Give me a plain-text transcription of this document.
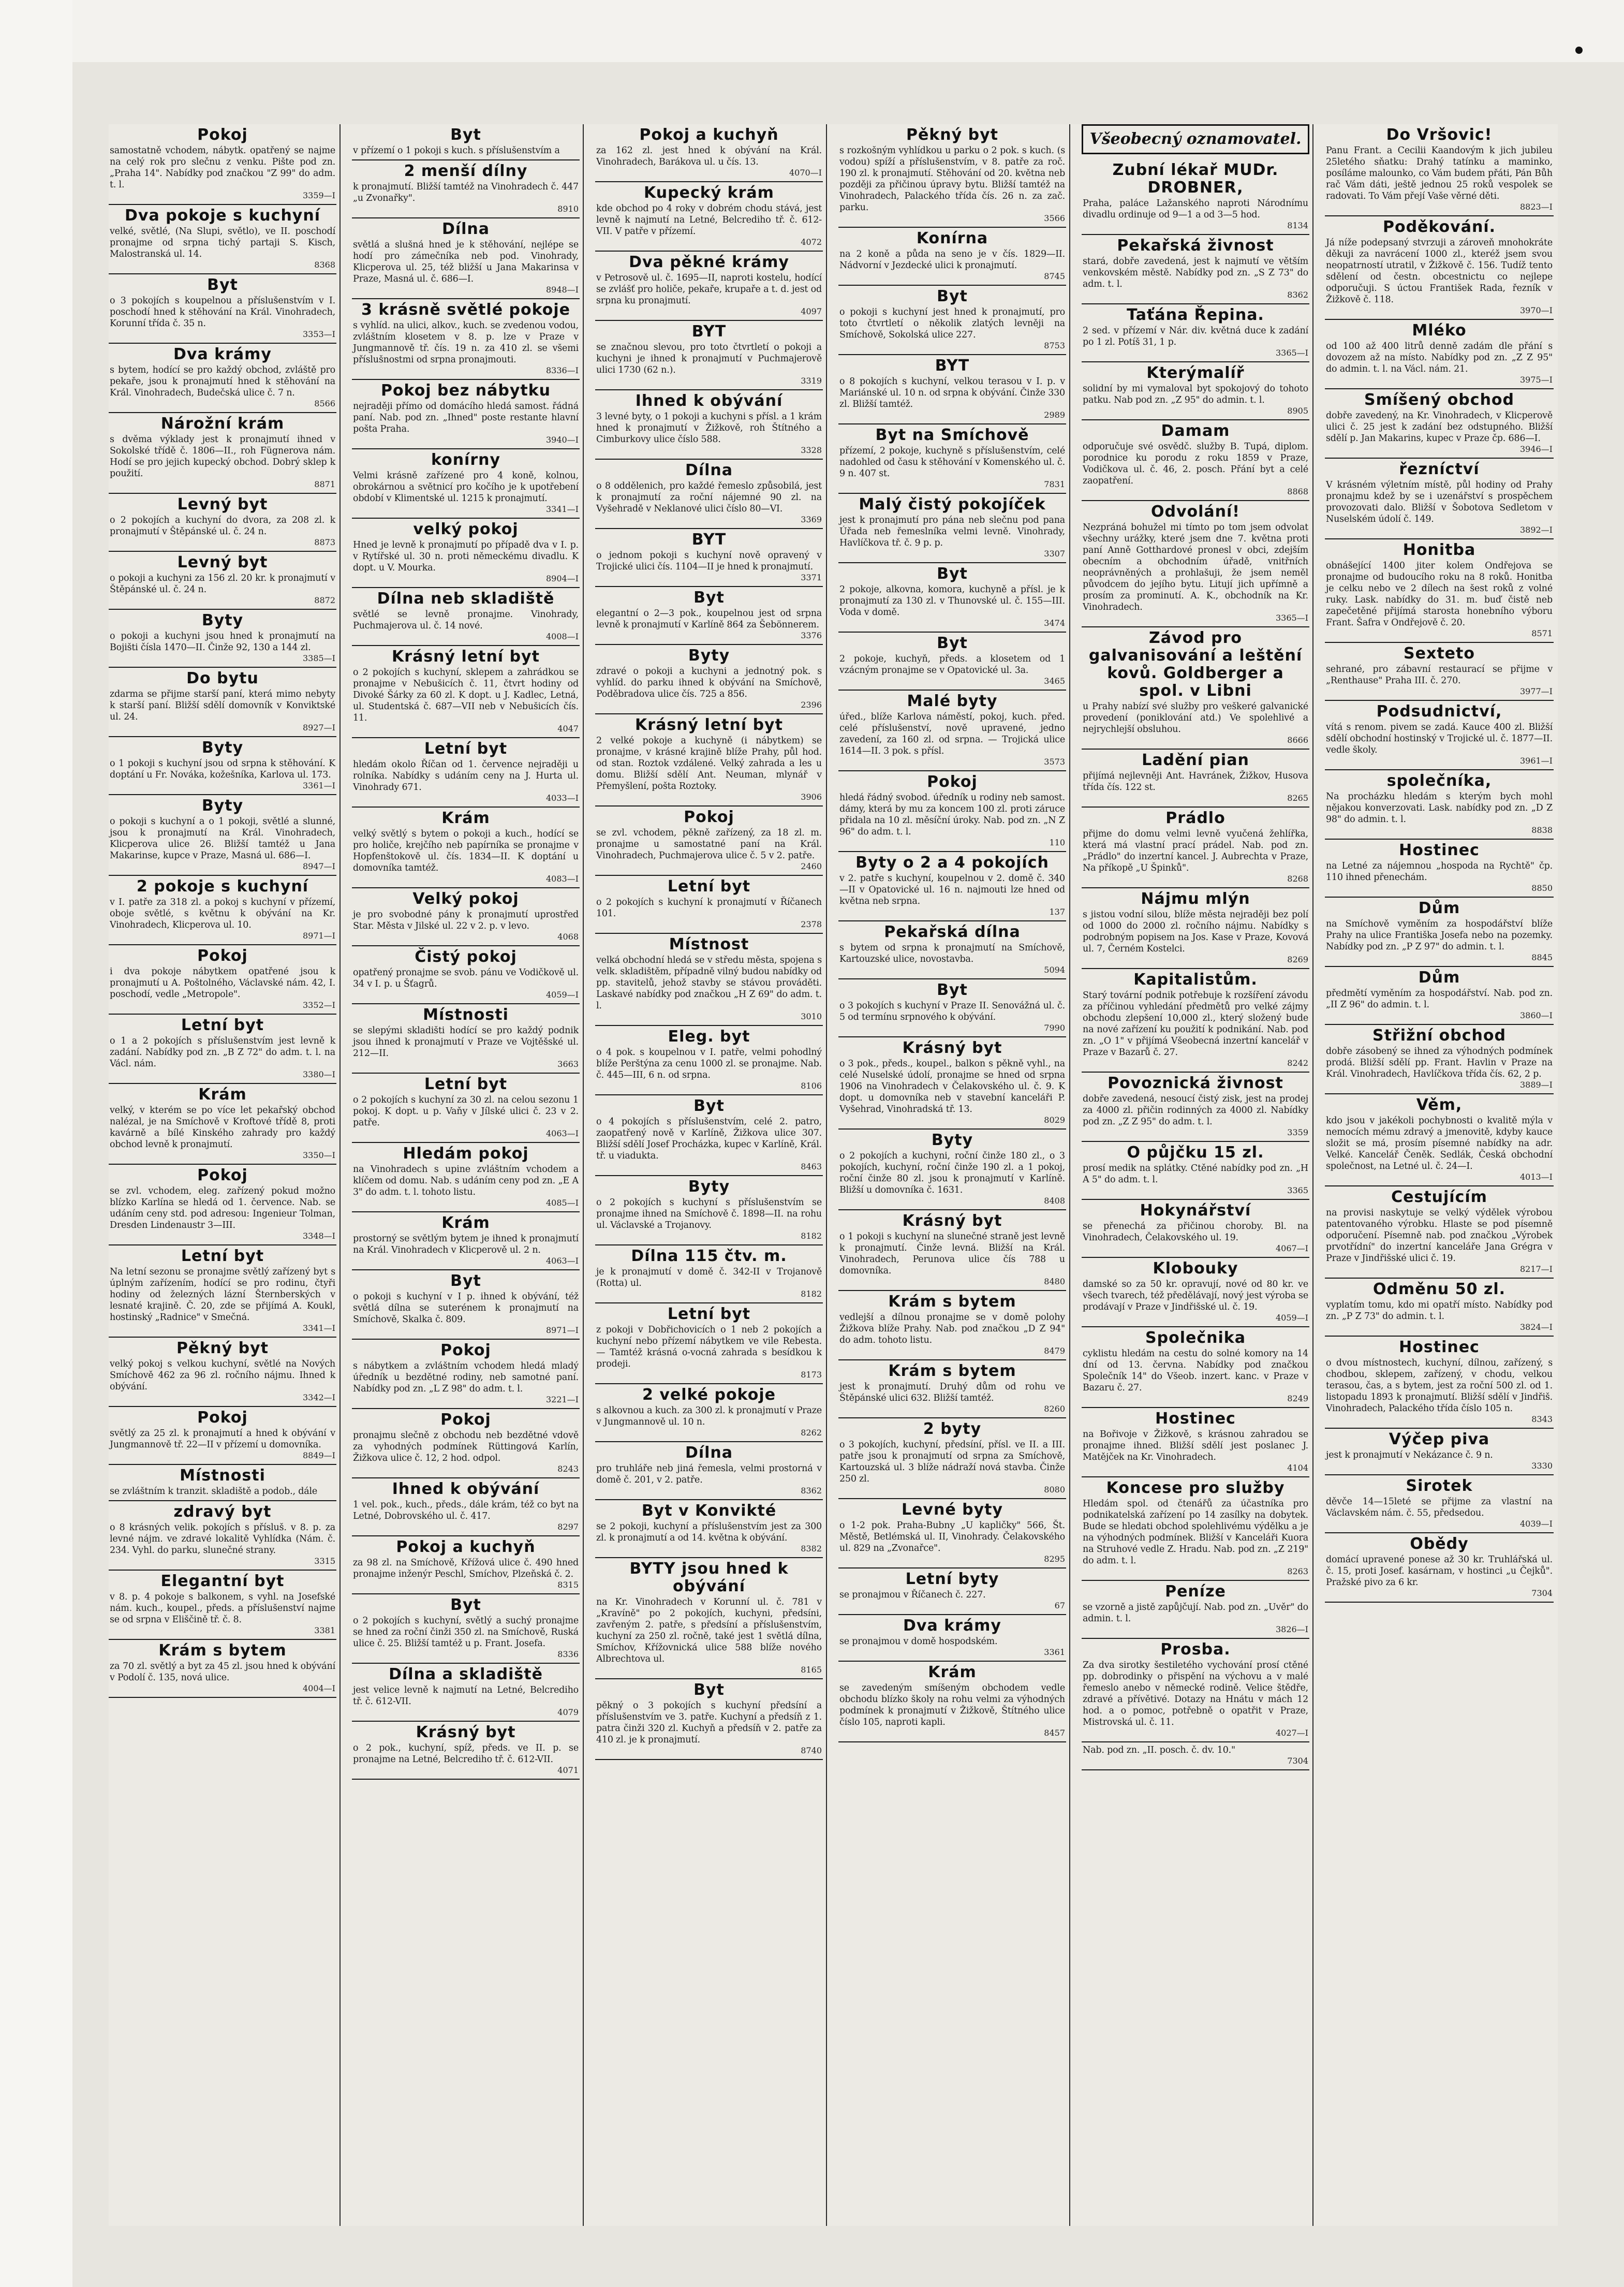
Pokoj

samostatně vchodem, nábytk. opatřený se najme na celý rok pro slečnu z venku. Pište pod zn. „Praha 14". Nabídky pod značkou "Z 99" do adm. t. l.

3359—I
Dva pokoje s kuchyní

velké, světlé, (Na Slupi, světlo), ve II. poschodí pronajme od srpna tichý partaji S. Kisch, Malostranská ul. 14.

8368
Byt

o 3 pokojích s koupelnou a příslušenstvím v I. poschodí hned k stěhování na Král. Vinohradech, Korunní třída č. 35 n.

3353—I
Dva krámy

s bytem, hodící se pro každý obchod, zvláště pro pekaře, jsou k pronajmutí hned k stěhování na Král. Vinohradech, Budečská ulice č. 7 n.

8566
Nárožní krám

s dvěma výklady jest k pronajmutí ihned v Sokolské třídě č. 1806—II., roh Fügnerova nám. Hodí se pro jejich kupecký obchod. Dobrý sklep k použití.

8871
Levný byt

o 2 pokojích a kuchyní do dvora, za 208 zl. k pronajmutí v Štěpánské ul. č. 24 n.

8873
Levný byt

o pokoji a kuchyni za 156 zl. 20 kr. k pronajmutí v Štěpánské ul. č. 24 n.

8872
Byty

o pokoji a kuchyni jsou hned k pronajmutí na Bojišti čísla 1470—II. Činže 92, 130 a 144 zl.

3385—I
Do bytu

zdarma se přijme starší paní, která mimo nebyty k starší paní. Bližší sdělí domovník v Konviktské ul. 24.

8927—I
Byty

o 1 pokoji s kuchyní jsou od srpna k stěhování. K doptání u Fr. Nováka, kožešníka, Karlova ul. 173.

3361—I
Byty

o pokoji s kuchyní a o 1 pokoji, světlé a slunné, jsou k pronajmutí na Král. Vinohradech, Klicperova ulice 26. Bližší tamtéž u Jana Makarinse, kupce v Praze, Masná ul. 686—I.

8947—I
2 pokoje s kuchyní

v I. patře za 318 zl. a pokoj s kuchyní v přízemí, oboje světlé, s květnu k obývání na Kr. Vinohradech, Klicperova ul. 10.

8971—I
Pokoj

i dva pokoje nábytkem opatřené jsou k pronajmutí u A. Poštolného, Václavské nám. 42, I. poschodí, vedle „Metropole".

3352—I
Letní byt

o 1 a 2 pokojích s příslušenstvím jest levně k zadání. Nabídky pod zn. „B Z 72" do adm. t. l. na Václ. nám.

3380—I
Krám

velký, v kterém se po více let pekařský obchod nalézal, je na Smíchově v Kroftové třídě 8, proti kavárně a bílé Kinského zahrady pro každý obchod levně k pronajmutí.

3350—I
Pokoj

se zvl. vchodem, eleg. zařízený pokud možno blízko Karlína se hledá od 1. července. Nab. se udáním ceny std. pod adresou: Ingenieur Tolman, Dresden Lindenaustr 3—III.

3348—I
Letní byt

Na letní sezonu se pronajme světlý zařízený byt s úplným zařízením, hodící se pro rodinu, čtyři hodiny od železných lázní Šternberských v lesnaté krajině. Č. 20, zde se přijímá A. Koukl, hostinský „Radnice" v Smečná.

3341—I
Pěkný byt

velký pokoj s velkou kuchyní, světlé na Nových Smíchově 462 za 96 zl. ročního nájmu. Ihned k obývání.

3342—I
Pokoj

světlý za 25 zl. k pronajmutí a hned k obývání v Jungmannově tř. 22—II v přízemí u domovníka.

8849—I
Místnosti

se zvláštním k tranzit. skladiště a podob., dále

zdravý byt

o 8 krásných velik. pokojích s přísluš. v 8. p. za levné nájm. ve zdravé lokalitě Vyhlídka (Nám. č. 234. Vyhl. do parku, slunečné strany.

3315
Elegantní byt

v 8. p. 4 pokoje s balkonem, s vyhl. na Josefské nám. kuch., koupel., předs. a příslušenství najme se od srpna v Eliščině tř. č. 8.

3381
Krám s bytem

za 70 zl. světlý a byt za 45 zl. jsou hned k obývání v Podolí č. 135, nová ulice.

4004—I
Byt

v přízemí o 1 pokoji s kuch. s příslušenstvím a

2 menší dílny

k pronajmutí. Bližší tamtéž na Vinohradech č. 447 „u Zvonařky".

8910
Dílna

světlá a slušná hned je k stěhování, nejlépe se hodí pro zámečníka neb pod. Vinohrady, Klicperova ul. 25, též bližší u Jana Makarinsa v Praze, Masná ul. č. 686—I.

8948—I
3 krásně světlé pokoje

s vyhlíd. na ulici, alkov., kuch. se zvedenou vodou, zvláštním klosetem v 8. p. lze v Praze v Jungmannově tř. čís. 19 n. za 410 zl. se všemi příslušnostmi od srpna pronajmouti.

8336—I
Pokoj bez nábytku

nejraději přímo od domácího hledá samost. řádná paní. Nab. pod zn. „Ihned" poste restante hlavní pošta Praha.

3940—I
konírny

Velmi krásně zařízené pro 4 koně, kolnou, obrokárnou a světnicí pro kočího je k upotřebení období v Klimentské ul. 1215 k pronajmutí.

3341—I
velký pokoj

Hned je levně k pronajmutí po případě dva v I. p. v Rytířské ul. 30 n. proti německému divadlu. K dopt. u V. Mourka.

8904—I
Dílna neb skladiště

světlé se levně pronajme. Vinohrady, Puchmajerova ul. č. 14 nové.

4008—I
Krásný letní byt

o 2 pokojích s kuchyní, sklepem a zahrádkou se pronajme v Nebušicích č. 11, čtvrt hodiny od Divoké Šárky za 60 zl. K dopt. u J. Kadlec, Letná, ul. Studentská č. 687—VII neb v Nebušicích čís. 11.

4047
Letní byt

hledám okolo Říčan od 1. července nejraději u rolníka. Nabídky s udáním ceny na J. Hurta ul. Vinohrady 671.

4033—I
Krám

velký světlý s bytem o pokoji a kuch., hodící se pro holiče, krejčího neb papírníka se pronajme v Hopfenštokově ul. čís. 1834—II. K doptání u domovníka tamtéž.

4083—I
Velký pokoj

je pro svobodné pány k pronajmutí uprostřed Star. Města v Jilské ul. 22 v 2. p. v levo.

4068
Čistý pokoj

opatřený pronajme se svob. pánu ve Vodičkově ul. 34 v I. p. u Šťagrů.

4059—I
Místnosti

se slepými skladišti hodící se pro každý podnik jsou ihned k pronajmutí v Praze ve Vojtěšské ul. 212—II.

3663
Letní byt

o 2 pokojích s kuchyní za 30 zl. na celou sezonu 1 pokoj. K dopt. u p. Vaňy v Jílské ulici č. 23 v 2. patře.

4063—I
Hledám pokoj

na Vinohradech s upine zvláštním vchodem a klíčem od domu. Nab. s udáním ceny pod zn. „E A 3" do adm. t. l. tohoto listu.

4085—I
Krám

prostorný se světlým bytem je ihned k pronajmutí na Král. Vinohradech v Klicperově ul. 2 n.

4063—I
Byt

o pokoji s kuchyní v I p. ihned k obývání, též světlá dílna se suterénem k pronajmutí na Smíchově, Skalka č. 809.

8971—I
Pokoj

s nábytkem a zvláštním vchodem hledá mladý úředník u bezdětné rodiny, neb samotné paní. Nabídky pod zn. „L Z 98" do adm. t. l.

3221—I
Pokoj

pronajmu slečně z obchodu neb bezdětné vdově za vyhodných podmínek Rüttingová Karlín, Žižkova ulice č. 12, 2 hod. odpol.

8243
Ihned k obývání

1 vel. pok., kuch., předs., dále krám, též co byt na Letné, Dobrovského ul. č. 417.

8297
Pokoj a kuchyň

za 98 zl. na Smíchově, Křížová ulice č. 490 hned pronajme inženýr Peschl, Smíchov, Plzeňská č. 2.

8315
Byt

o 2 pokojích s kuchyní, světlý a suchý pronajme se hned za roční činži 350 zl. na Smíchově, Ruská ulice č. 25. Bližší tamtéž u p. Frant. Josefa.

8336
Dílna a skladiště

jest velice levně k najmutí na Letné, Belcrediho tř. č. 612-VII.

4079
Krásný byt

o 2 pok., kuchyní, spíž, předs. ve II. p. se pronajme na Letné, Belcrediho tř. č. 612-VII.

4071
Pokoj a kuchyň

za 162 zl. jest hned k obývání na Král. Vinohradech, Barákova ul. u čís. 13.

4070—I
Kupecký krám

kde obchod po 4 roky v dobrém chodu stává, jest levně k najmutí na Letné, Belcrediho tř. č. 612-VII. V patře v přízemí.

4072
Dva pěkné krámy

v Petrosově ul. č. 1695—II, naproti kostelu, hodící se zvlášť pro holiče, pekaře, krupaře a t. d. jest od srpna ku pronajmutí.

4097
BYT

se značnou slevou, pro toto čtvrtletí o pokoji a kuchyni je ihned k pronajmutí v Puchmajerově ulici 1730 (62 n.).

3319
Ihned k obývání

3 levné byty, o 1 pokoji a kuchyni s přísl. a 1 krám hned k pronajmutí v Žižkově, roh Štítného a Cimburkovy ulice číslo 588.

3328
Dílna

o 8 oddělenich, pro každé řemeslo způsobilá, jest k pronajmutí za roční nájemné 90 zl. na Vyšehradě v Neklanové ulici číslo 80—VI.

3369
BYT

o jednom pokoji s kuchyní nově opravený v Trojické ulici čís. 1104—II je hned k pronajmutí.

3371
Byt

elegantní o 2—3 pok., koupelnou jest od srpna levně k pronajmutí v Karlíně 864 za Šebönnerem.

3376
Byty

zdravé o pokoji a kuchyni a jednotný pok. s vyhlíd. do parku ihned k obývání na Smíchově, Poděbradova ulice čís. 725 a 856.

2396
Krásný letní byt

2 velké pokoje a kuchyně (i nábytkem) se pronajme, v krásné krajině blíže Prahy, půl hod. od stan. Roztok vzdálené. Velký zahrada a les u domu. Bližší sdělí Ant. Neuman, mlynář v Přemyšlení, pošta Roztoky.

3906
Pokoj

se zvl. vchodem, pěkně zařízený, za 18 zl. m. pronajme u samostatné paní na Král. Vinohradech, Puchmajerova ulice č. 5 v 2. patře.

2460
Letní byt

o 2 pokojích s kuchyní k pronajmutí v Říčanech 101.

2378
Místnost

velká obchodní hledá se v středu města, spojena s velk. skladištěm, případně vilný budou nabídky od pp. stavitelů, jehož stavby se stávou prováděti. Laskavé nabídky pod značkou „H Z 69" do adm. t. l.

3010
Eleg. byt

o 4 pok. s koupelnou v I. patře, velmi pohodlný blíže Perštýna za cenu 1000 zl. se pronajme. Nab. č. 445—III, 6 n. od srpna.

8106
Byt

o 4 pokojích s příslušenstvím, celé 2. patro, zaopatřený nově v Karlíně, Žižkova ulice 307. Bližší sdělí Josef Procházka, kupec v Karlíně, Král. tř. u viadukta.

8463
Byty

o 2 pokojích s kuchyní s příslušenstvím se pronajme ihned na Smíchově č. 1898—II. na rohu ul. Václavské a Trojanovy.

8182
Dílna 115 čtv. m.

je k pronajmutí v domě č. 342-II v Trojanově (Rotta) ul.

8182
Letní byt

z pokoji v Dobřichovicích o 1 neb 2 pokojích a kuchyní nebo přízemí nábytkem ve vile Rebesta. — Tamtéž krásná o-vocná zahrada s besídkou k prodeji.

8173
2 velké pokoje

s alkovnou a kuch. za 300 zl. k pronajmutí v Praze v Jungmannově ul. 10 n.

8262
Dílna

pro truhláře neb jiná řemesla, velmi prostorná v domě č. 201, v 2. patře.

8362
Byt v Konvikté

se 2 pokoji, kuchyní a příslušenstvím jest za 300 zl. k pronajmutí a od 14. května k obývání.

8382
BYTY jsou hned k obývání

na Kr. Vinohradech v Korunní ul. č. 781 v „Kravíně" po 2 pokojích, kuchyni, předsíni, zavřeným 2. patře, s předsíní a příslušenstvím, kuchyní za 250 zl. ročně, také jest 1 světlá dílna, Smíchov, Křížovnická ulice 588 blíže nového Albrechtova ul.

8165
Byt

pěkný o 3 pokojích s kuchyní předsíní a příslušenstvím ve 3. patře. Kuchyní a předsíň z 1. patra činži 320 zl. Kuchyň a předsíň v 2. patře za 410 zl. je k pronajmutí.

8740
Pěkný byt

s rozkošným vyhlídkou u parku o 2 pok. s kuch. (s vodou) spíží a příslušenstvím, v 8. patře za roč. 190 zl. k pronajmutí. Stěhování od 20. května neb později za přičinou úpravy bytu. Bližší tamtéž na Vinohradech, Palackého třída čís. 26 n. za zač. parku.

3566
Konírna

na 2 koně a půda na seno je v čís. 1829—II. Nádvorní v Jezdecké ulici k pronajmutí.

8745
Byt

o pokoji s kuchyní jest hned k pronajmutí, pro toto čtvrtletí o několik zlatých levněji na Smíchově, Sokolská ulice 227.

8753
BYT

o 8 pokojích s kuchyní, velkou terasou v I. p. v Mariánské ul. 10 n. od srpna k obývání. Činže 330 zl. Bližší tamtéž.

2989
Byt na Smíchově

přízemí, 2 pokoje, kuchyně s příslušenstvím, celé nadohled od času k stěhování v Komenského ul. č. 9 n. 407 st.

7831
Malý čistý pokojíček

jest k pronajmutí pro pána neb slečnu pod pana Úřada neb řemeslníka velmi levně. Vinohrady, Havlíčkova tř. č. 9 p. p.

3307
Byt

2 pokoje, alkovna, komora, kuchyně a přísl. je k pronajmutí za 130 zl. v Thunovské ul. č. 155—III. Voda v domě.

3474
Byt

2 pokoje, kuchyň, předs. a klosetem od 1 vzácným pronajme se v Opatovické ul. 3a.

3465
Malé byty

úřed., blíže Karlova náměstí, pokoj, kuch. před. celé příslušenství, nově upravené, jedno zavedení, za 160 zl. od srpna. — Trojická ulice 1614—II. 3 pok. s přísl.

3573
Pokoj

hledá řádný svobod. úředník u rodiny neb samost. dámy, která by mu za koncem 100 zl. proti záruce přidala na 10 zl. měsíční úroky. Nab. pod zn. „N Z 96" do adm. t. l.

110
Byty o 2 a 4 pokojích

v 2. patře s kuchyní, koupelnou v 2. domě č. 340—II v Opatovické ul. 16 n. najmouti lze hned od května neb srpna.

137
Pekařská dílna

s bytem od srpna k pronajmutí na Smíchově, Kartouzské ulice, novostavba.

5094
Byt

o 3 pokojích s kuchyní v Praze II. Senovážná ul. č. 5 od termínu srpnového k obývání.

7990
Krásný byt

o 3 pok., předs., koupel., balkon s pěkně vyhl., na celé Nuselské údolí, pronajme se hned od srpna 1906 na Vinohradech v Čelakovského ul. č. 9. K dopt. u domovníka neb v stavební kanceláři P. Vyšehrad, Vinohradská tř. 13.

8029
Byty

o 2 pokojích a kuchyni, roční činže 180 zl., o 3 pokojích, kuchyní, roční činže 190 zl. a 1 pokoj, roční činže 80 zl. jsou k pronajmutí v Karlíně. Bližší u domovníka č. 1631.

8408
Krásný byt

o 1 pokoji s kuchyní na slunečné straně jest levně k pronajmutí. Činže levná. Bližší na Král. Vinohradech, Perunova ulice čís 788 u domovníka.

8480
Krám s bytem

vedlejší a dílnou pronajme se v domě polohy Žižkova blíže Prahy. Nab. pod značkou „D Z 94" do adm. tohoto listu.

8479
Krám s bytem

jest k pronajmutí. Druhý dům od rohu ve Štěpánské ulici 632. Bližší tamtéž.

8260
2 byty

o 3 pokojích, kuchyní, předsíní, přísl. ve II. a III. patře jsou k pronajmutí od srpna za Smíchově, Kartouzská ul. 3 blíže nádraží nová stavba. Činže 250 zl.

8080
Levné byty

o 1-2 pok. Praha-Bubny „U kapličky" 566, Št. Městě, Betlémská ul. II, Vinohrady. Čelakovského ul. 829 na „Zvonařce".

8295
Letní byty

se pronajmou v Říčanech č. 227.

67
Dva krámy

se pronajmou v domě hospodském.

3361
Krám

se zavedeným smíšeným obchodem vedle obchodu blízko školy na rohu velmi za výhodných podmínek k pronajmutí v Žižkově, Štítného ulice číslo 105, naproti kapli.

8457
Všeobecný oznamovatel.
Zubní lékař MUDr. DROBNER,

Praha, paláce Lažanského naproti Národnímu divadlu ordinuje od 9—1 a od 3—5 hod.

8134
Pekařská živnost

stará, dobře zavedená, jest k najmutí ve větším venkovském městě. Nabídky pod zn. „S Z 73" do adm. t. l.

8362
Taťána Řepina.

2 sed. v přízemí v Nár. div. květná duce k zadání po 1 zl. Potíš 31, 1 p.

3365—I
Kterýmalíř

solidní by mi vymaloval byt spokojový do tohoto patku. Nab pod zn. „Z 95" do admin. t. l.

8905
Damam

odporučuje své osvědč. služby B. Tupá, diplom. porodnice ku porodu z roku 1859 v Praze, Vodičkova ul. č. 46, 2. posch. Přání byt a celé zaopatření.

8868
Odvolání!

Nezpráná bohužel mi tímto po tom jsem odvolat všechny urážky, které jsem dne 7. května proti paní Anně Gotthardové pronesl v obci, zdejším obecním a obchodním úřadě, vnitřních neoprávněných a prohlašuji, že jsem neměl původcem do jejího bytu. Litují jich upřímně a prosím za prominutí. A. K., obchodník na Kr. Vinohradech.

3365—I
Závod pro galvanisování a leštění kovů. Goldberger a spol. v Libni

u Prahy nabízí své služby pro veškeré galvanické provedení (poniklování atd.) Ve spolehlivé a nejrychlejší obsluhou.

8666
Ladění pian

přijímá nejlevněji Ant. Havránek, Žižkov, Husova třída čís. 122 st.

8265
Prádlo

přijme do domu velmi levně vyučená žehlířka, která má vlastní prací prádel. Nab. pod zn. „Prádlo" do inzertní kancel. J. Aubrechta v Praze, Na příkopě „U Špinků".

8268
Nájmu mlýn

s jistou vodní silou, blíže města nejraději bez polí od 1000 do 2000 zl. ročního nájmu. Nabídky s podrobným popisem na Jos. Kase v Praze, Kovová ul. 7, Černém Kostelci.

8269
Kapitalistům.

Starý tovární podnik potřebuje k rozšíření závodu za příčinou vyhledání předmětů pro velké zájmy obchodu zlepšení 10,000 zl., který složený bude na nové zařízení ku použití k podnikání. Nab. pod zn. „O 1" v přijímá Všeobecná inzertní kancelář v Praze v Bazarů č. 27.

8242
Povoznická živnost

dobře zavedená, nesoucí čistý zisk, jest na prodej za 4000 zl. přičin rodinných za 4000 zl. Nabídky pod zn. „Z Z 95" do adm. t. l.

3359
O půjčku 15 zl.

prosí medik na splátky. Ctěné nabídky pod zn. „H A 5" do adm. t. l.

3365
Hokynářství

se přenechá za přičinou choroby. Bl. na Vinohradech, Čelakovského ul. 19.

4067—I
Klobouky

damské so za 50 kr. opravují, nové od 80 kr. ve všech tvarech, též předělávají, nový jest výroba se prodávají v Praze v Jindřišské ul. č. 19.

4059—I
Společnika

cyklistu hledám na cestu do solné komory na 14 dní od 13. června. Nabídky pod značkou Společník 14" do Všeob. inzert. kanc. v Praze v Bazaru č. 27.

8249
Hostinec

na Bořivoje v Žižkově, s krásnou zahradou se pronajme ihned. Bližší sdělí jest poslanec J. Matějček na Kr. Vinohradech.

4104
Koncese pro služby

Hledám spol. od čtenářů za účastníka pro podnikatelská zařízení po 14 zasílky na dobytek. Bude se hledati obchod spolehlivému výdělku a je na výhodných podmínek. Bližší v Kanceláři Kuora na Struhové vedle Z. Hradu. Nab. pod zn. „Z 219" do adm. t. l.

8263
Peníze

se vzorně a jistě zapůjčují. Nab. pod zn. „Uvěr" do admin. t. l.

3826—I
Prosba.

Za dva sirotky šestiletého vychování prosí ctěné pp. dobrodinky o přispění na výchovu a v malé řemeslo anebo v německé rodině. Velice štědře, zdravé a přívětivé. Dotazy na Hnátu v mách 12 hod. a o pomoc, potřebně o opatřit v Praze, Mistrovská ul. č. 11.

4027—I

Nab. pod zn. „II. posch. č. dv. 10."

7304
Do Vršovic!

Panu Frant. a Cecilii Kaandovým k jich jubileu 25letého sňatku: Drahý tatínku a maminko, posíláme malounko, co Vám budem přáti, Pán Bůh rač Vám dáti, ještě jednou 25 roků vespolek se radovati. To Vám přejí Vaše věrné děti.

8823—I
Poděkování.

Já níže podepsaný stvrzuji a zároveň mnohokráte děkuji za navrácení 1000 zl., kteréž jsem svou neopatrností utratil, v Žižkově č. 156. Tudíž tento sdělení od čestn. obcestnictu co nejlepe odporučuji. S úctou František Rada, řezník v Žižkově č. 118.

3970—I
Mléko

od 100 až 400 litrů denně zadám dle přání s dovozem až na místo. Nabídky pod zn. „Z Z 95" do admin. t. l. na Václ. nám. 21.

3975—I
Smíšený obchod

dobře zavedený, na Kr. Vinohradech, v Klicperově ulici č. 25 jest k zadání bez odstupného. Bližší sdělí p. Jan Makarins, kupec v Praze čp. 686—I.

3946—I
řezníctví

V krásném výletním místě, půl hodiny od Prahy pronajmu kdež by se i uzenářství s prospěchem provozovati dalo. Bližší v Šobotova Sedletom v Nuselském údolí č. 149.

3892—I
Honitba

obnášející 1400 jiter kolem Ondřejova se pronajme od budoucího roku na 8 roků. Honitba je celku nebo ve 2 dílech na šest roků z volné ruky. Lask. nabídky do 31. m. buď čistě neb zapečetěné přijímá starosta honebního výboru Frant. Šafra v Ondřejově č. 20.

8571
Sexteto

sehrané, pro zábavní restaurací se přijme v „Renthause" Praha III. č. 270.

3977—I
Podsudnictví,

vítá s renom. pivem se zadá. Kauce 400 zl. Bližší sdělí obchodní hostinský v Trojické ul. č. 1877—II. vedle školy.

3961—I
společníka,

Na procházku hledám s kterým bych mohl nějakou konverzovati. Lask. nabídky pod zn. „D Z 98" do admin. t. l.

8838
Hostinec

na Letné za nájemnou „hospoda na Rychtě" čp. 110 ihned přenechám.

8850
Dům

na Smíchově vyměním za hospodářství blíže Prahy na ulice Františka Josefa nebo na pozemky. Nabídky pod zn. „P Z 97" do admin. t. l.

8845
Dům

předmětí vyměním za hospodářství. Nab. pod zn. „II Z 96" do admin. t. l.

3860—I
Střižní obchod

dobře zásobený se ihned za výhodných podmínek prodá. Bližší sdělí pp. Frant. Havlin v Praze na Král. Vinohradech, Havlíčkova třída čís. 62, 2 p.

3889—I
Věm,

kdo jsou v jakékoli pochybnosti o kvalitě mýla v nemocích mému zdravý a jmenovitě, kdyby kauce složit se má, prosím písemné nabídky na adr. Velké. Kancelář Čeněk. Sedlák, Česká obchodní společnost, na Letné ul. č. 24—I.

4013—I
Cestujícím

na provisi naskytuje se velký výdělek výrobou patentovaného výrobku. Hlaste se pod písemně odporučení. Písemně nab. pod značkou „Výrobek prvotřídní" do inzertní kanceláře Jana Grégra v Praze v Jindřišské ulici č. 19.

8217—I
Odměnu 50 zl.

vyplatím tomu, kdo mi opatří místo. Nabídky pod zn. „P Z 73" do admin. t. l.

3824—I
Hostinec

o dvou místnostech, kuchyní, dílnou, zařízený, s chodbou, sklepem, zařízený, v chodu, velkou terasou, čas, a s bytem, jest za roční 500 zl. od 1. listopadu 1893 k pronajmutí. Bližší sdělí v Jindřiš. Vinohradech, Palackého třída číslo 105 n.

8343
Výčep piva

jest k pronajmutí v Nekázance č. 9 n.

3330
Sirotek

děvče 14—15leté se přijme za vlastní na Václavském nám. č. 55, předsedou.

4039—I
Obědy

domácí upravené ponese až 30 kr. Truhlářská ul. č. 15, proti Josef. kasárnam, v hostinci „u Čejků". Pražské pivo za 6 kr.

7304
